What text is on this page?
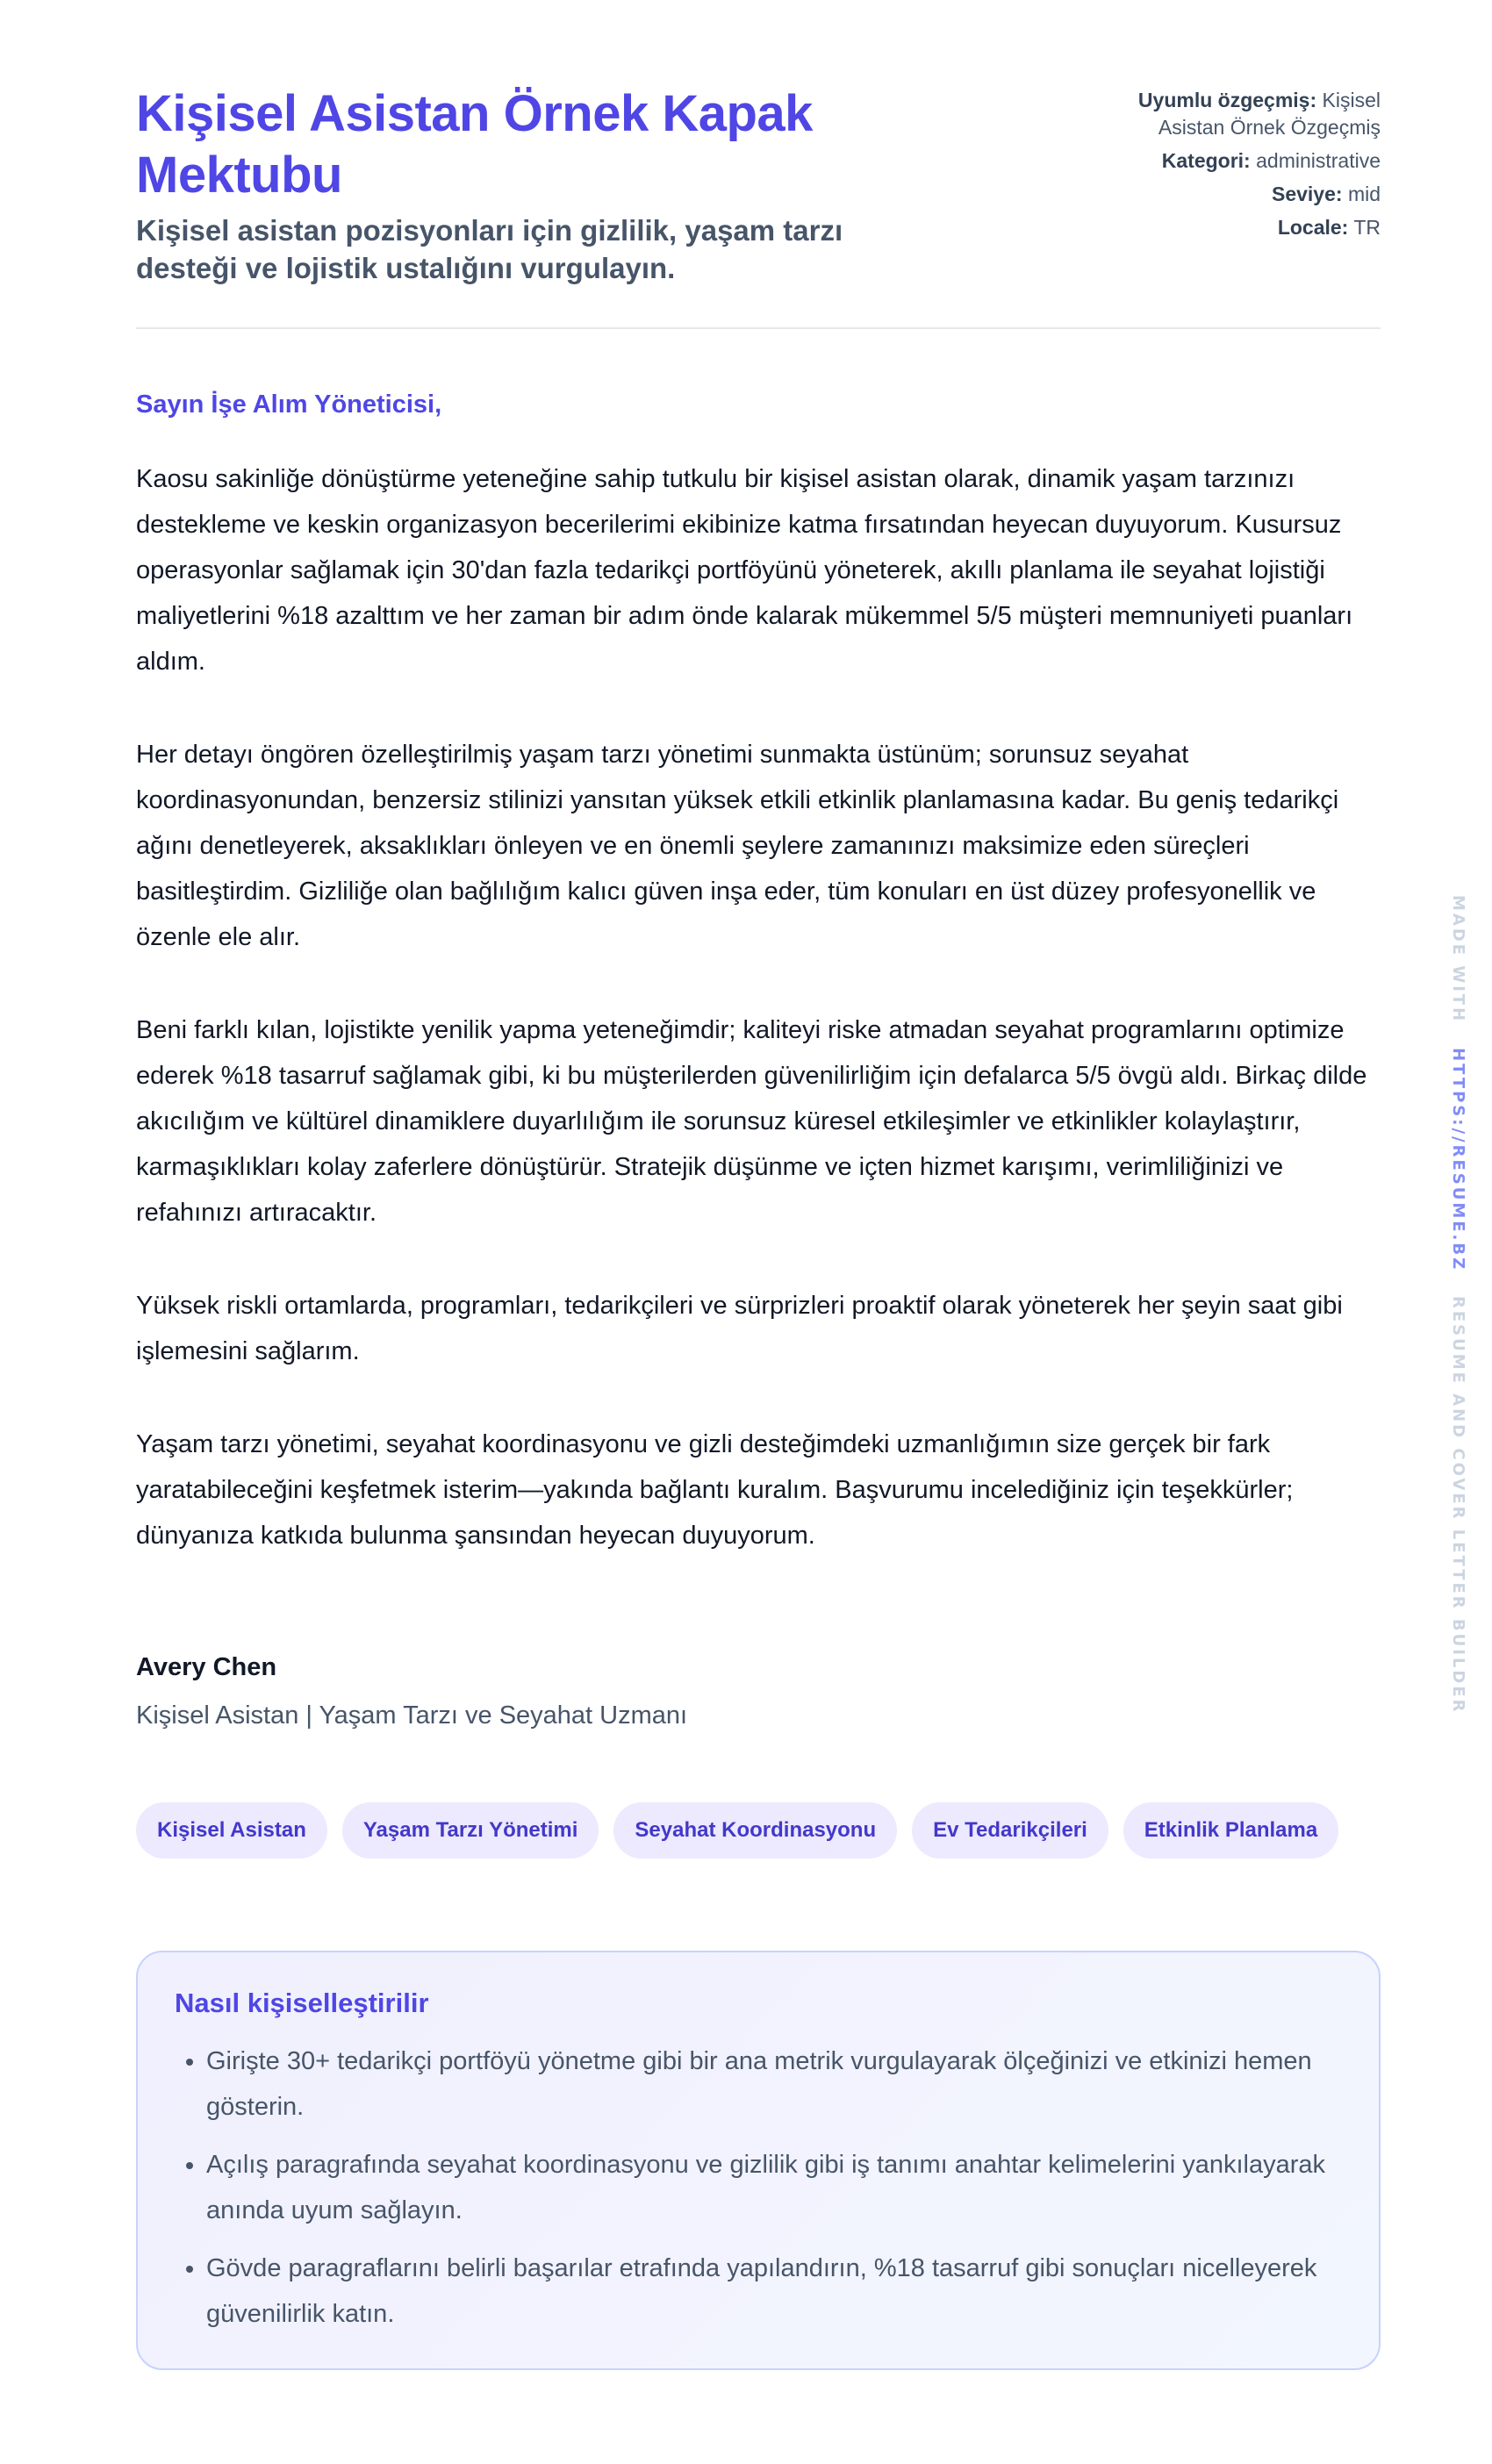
Kişisel Asistan Örnek Kapak Mektubu

Kişisel asistan pozisyonları için gizlilik, yaşam tarzı desteği ve lojistik ustalığını vurgulayın.

Uyumlu özgeçmiş: Kişisel Asistan Örnek Özgeçmiş
Kategori: administrative
Seviye: mid
Locale: TR
Sayın İşe Alım Yöneticisi,

Kaosu sakinliğe dönüştürme yeteneğine sahip tutkulu bir kişisel asistan olarak, dinamik yaşam tarzınızı destekleme ve keskin organizasyon becerilerimi ekibinize katma fırsatından heyecan duyuyorum. Kusursuz operasyonlar sağlamak için 30'dan fazla tedarikçi portföyünü yöneterek, akıllı planlama ile seyahat lojistiği maliyetlerini %18 azalttım ve her zaman bir adım önde kalarak mükemmel 5/5 müşteri memnuniyeti puanları aldım.

Her detayı öngören özelleştirilmiş yaşam tarzı yönetimi sunmakta üstünüm; sorunsuz seyahat koordinasyonundan, benzersiz stilinizi yansıtan yüksek etkili etkinlik planlamasına kadar. Bu geniş tedarikçi ağını denetleyerek, aksaklıkları önleyen ve en önemli şeylere zamanınızı maksimize eden süreçleri basitleştirdim. Gizliliğe olan bağlılığım kalıcı güven inşa eder, tüm konuları en üst düzey profesyonellik ve özenle ele alır.

Beni farklı kılan, lojistikte yenilik yapma yeteneğimdir; kaliteyi riske atmadan seyahat programlarını optimize ederek %18 tasarruf sağlamak gibi, ki bu müşterilerden güvenilirliğim için defalarca 5/5 övgü aldı. Birkaç dilde akıcılığım ve kültürel dinamiklere duyarlılığım ile sorunsuz küresel etkileşimler ve etkinlikler kolaylaştırır, karmaşıklıkları kolay zaferlere dönüştürür. Stratejik düşünme ve içten hizmet karışımı, verimliliğinizi ve refahınızı artıracaktır.

Yüksek riskli ortamlarda, programları, tedarikçileri ve sürprizleri proaktif olarak yöneterek her şeyin saat gibi işlemesini sağlarım.

Yaşam tarzı yönetimi, seyahat koordinasyonu ve gizli desteğimdeki uzmanlığımın size gerçek bir fark yaratabileceğini keşfetmek isterim—yakında bağlantı kuralım. Başvurumu incelediğiniz için teşekkürler; dünyanıza katkıda bulunma şansından heyecan duyuyorum.

Avery Chen
Kişisel Asistan | Yaşam Tarzı ve Seyahat Uzmanı
Kişisel Asistan	Yaşam Tarzı Yönetimi	Seyahat Koordinasyonu	Ev Tedarikçileri	Etkinlik Planlama
Nasıl kişiselleştirilir
• Girişte 30+ tedarikçi portföyü yönetme gibi bir ana metrik vurgulayarak ölçeğinizi ve etkinizi hemen gösterin.
• Açılış paragrafında seyahat koordinasyonu ve gizlilik gibi iş tanımı anahtar kelimelerini yankılayarak anında uyum sağlayın.
• Gövde paragraflarını belirli başarılar etrafında yapılandırın, %18 tasarruf gibi sonuçları nicelleyerek güvenilirlik katın.
MADE WITH   HTTPS://RESUME.BZ   RESUME AND COVER LETTER BUILDER
